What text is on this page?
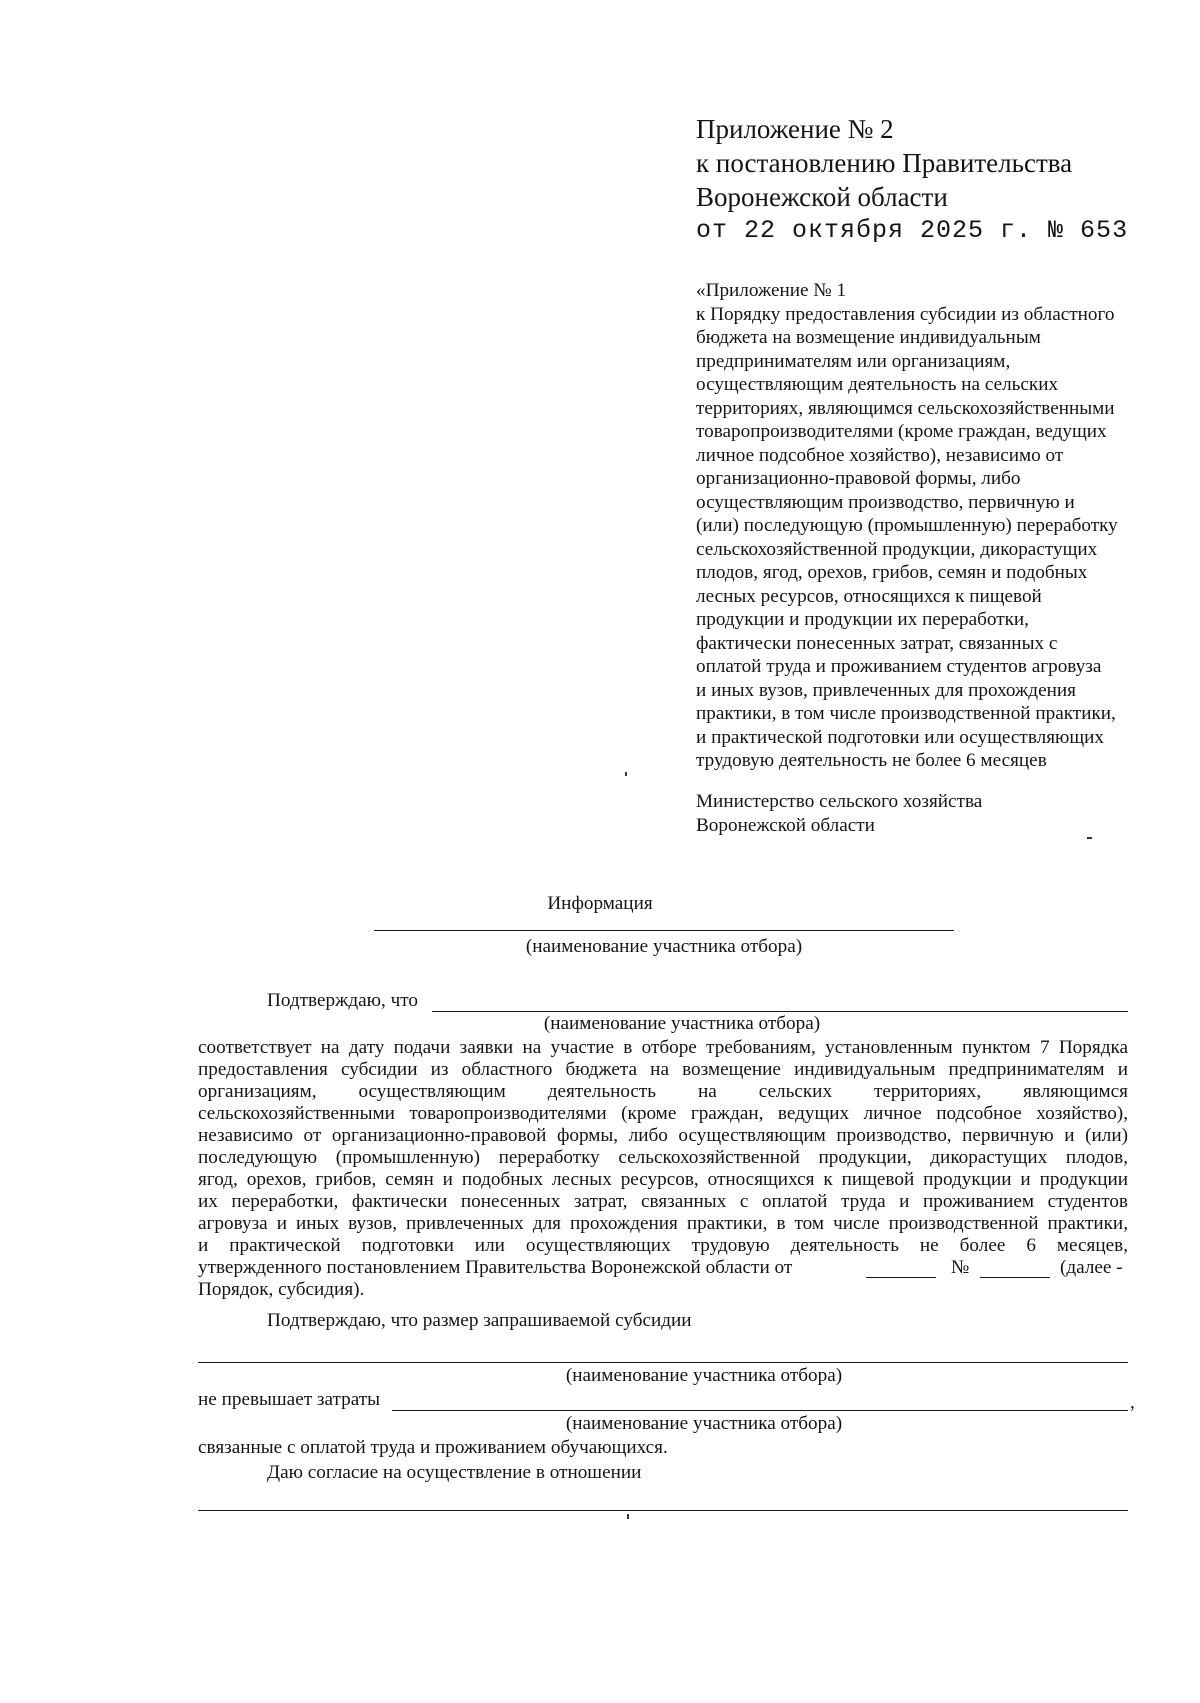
Приложение № 2
к постановлению Правительства
Воронежской области
от 22 октября 2025 г. № 653
«Приложение № 1
к Порядку предоставления субсидии из областного
бюджета на возмещение индивидуальным
предпринимателям или организациям,
осуществляющим деятельность на сельских
территориях, являющимся сельскохозяйственными
товаропроизводителями (кроме граждан, ведущих
личное подсобное хозяйство), независимо от
организационно-правовой формы, либо
осуществляющим производство, первичную и
(или) последующую (промышленную) переработку
сельскохозяйственной продукции, дикорастущих
плодов, ягод, орехов, грибов, семян и подобных
лесных ресурсов, относящихся к пищевой
продукции и продукции их переработки,
фактически понесенных затрат, связанных с
оплатой труда и проживанием студентов агровуза
и иных вузов, привлеченных для прохождения
практики, в том числе производственной практики,
и практической подготовки или осуществляющих
трудовую деятельность не более 6 месяцев
Министерство сельского хозяйства
Воронежской области
Информация
(наименование участника отбора)
Подтверждаю, что
(наименование участника отбора)
соответствует на дату подачи заявки на участие в отборе требованиям, установленным пунктом 7 Порядка
предоставления субсидии из областного бюджета на возмещение индивидуальным предпринимателям и
организациям, осуществляющим деятельность на сельских территориях, являющимся
сельскохозяйственными товаропроизводителями (кроме граждан, ведущих личное подсобное хозяйство),
независимо от организационно-правовой формы, либо осуществляющим производство, первичную и (или)
последующую (промышленную) переработку сельскохозяйственной продукции, дикорастущих плодов,
ягод, орехов, грибов, семян и подобных лесных ресурсов, относящихся к пищевой продукции и продукции
их переработки, фактически понесенных затрат, связанных с оплатой труда и проживанием студентов
агровуза и иных вузов, привлеченных для прохождения практики, в том числе производственной практики,
и практической подготовки или осуществляющих трудовую деятельность не более 6 месяцев,
утвержденного постановлением Правительства Воронежской области от	№	(далее -
Порядок, субсидия).
Подтверждаю, что размер запрашиваемой субсидии
(наименование участника отбора)
не превышает затраты	,
(наименование участника отбора)
связанные с оплатой труда и проживанием обучающихся.
Даю согласие на осуществление в отношении
